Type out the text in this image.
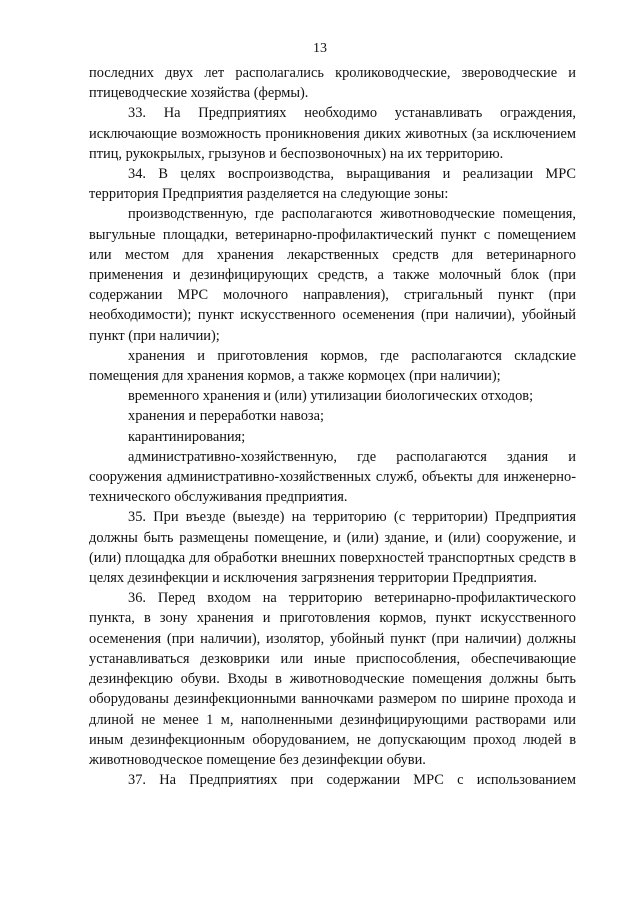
13

последних двух лет располагались кролиководческие, звероводческие и птицеводческие хозяйства (фермы).

33. На Предприятиях необходимо устанавливать ограждения, исключающие возможность проникновения диких животных (за исключением птиц, рукокрылых, грызунов и беспозвоночных) на их территорию.

34. В целях воспроизводства, выращивания и реализации МРС территория Предприятия разделяется на следующие зоны:

производственную, где располагаются животноводческие помещения, выгульные площадки, ветеринарно-профилактический пункт с помещением или местом для хранения лекарственных средств для ветеринарного применения и дезинфицирующих средств, а также молочный блок (при содержании МРС молочного направления), стригальный пункт (при необходимости); пункт искусственного осеменения (при наличии), убойный пункт (при наличии);

хранения и приготовления кормов, где располагаются складские помещения для хранения кормов, а также кормоцех (при наличии);

временного хранения и (или) утилизации биологических отходов;

хранения и переработки навоза;

карантинирования;

административно-хозяйственную, где располагаются здания и сооружения административно-хозяйственных служб, объекты для инженерно-технического обслуживания предприятия.

35. При въезде (выезде) на территорию (с территории) Предприятия должны быть размещены помещение, и (или) здание, и (или) сооружение, и (или) площадка для обработки внешних поверхностей транспортных средств в целях дезинфекции и исключения загрязнения территории Предприятия.

36. Перед входом на территорию ветеринарно-профилактического пункта, в зону хранения и приготовления кормов, пункт искусственного осеменения (при наличии), изолятор, убойный пункт (при наличии) должны устанавливаться дезковрики или иные приспособления, обеспечивающие дезинфекцию обуви. Входы в животноводческие помещения должны быть оборудованы дезинфекционными ванночками размером по ширине прохода и длиной не менее 1 м, наполненными дезинфицирующими растворами или иным дезинфекционным оборудованием, не допускающим проход людей в животноводческое помещение без дезинфекции обуви.

37. На Предприятиях при содержании МРС с использованием
